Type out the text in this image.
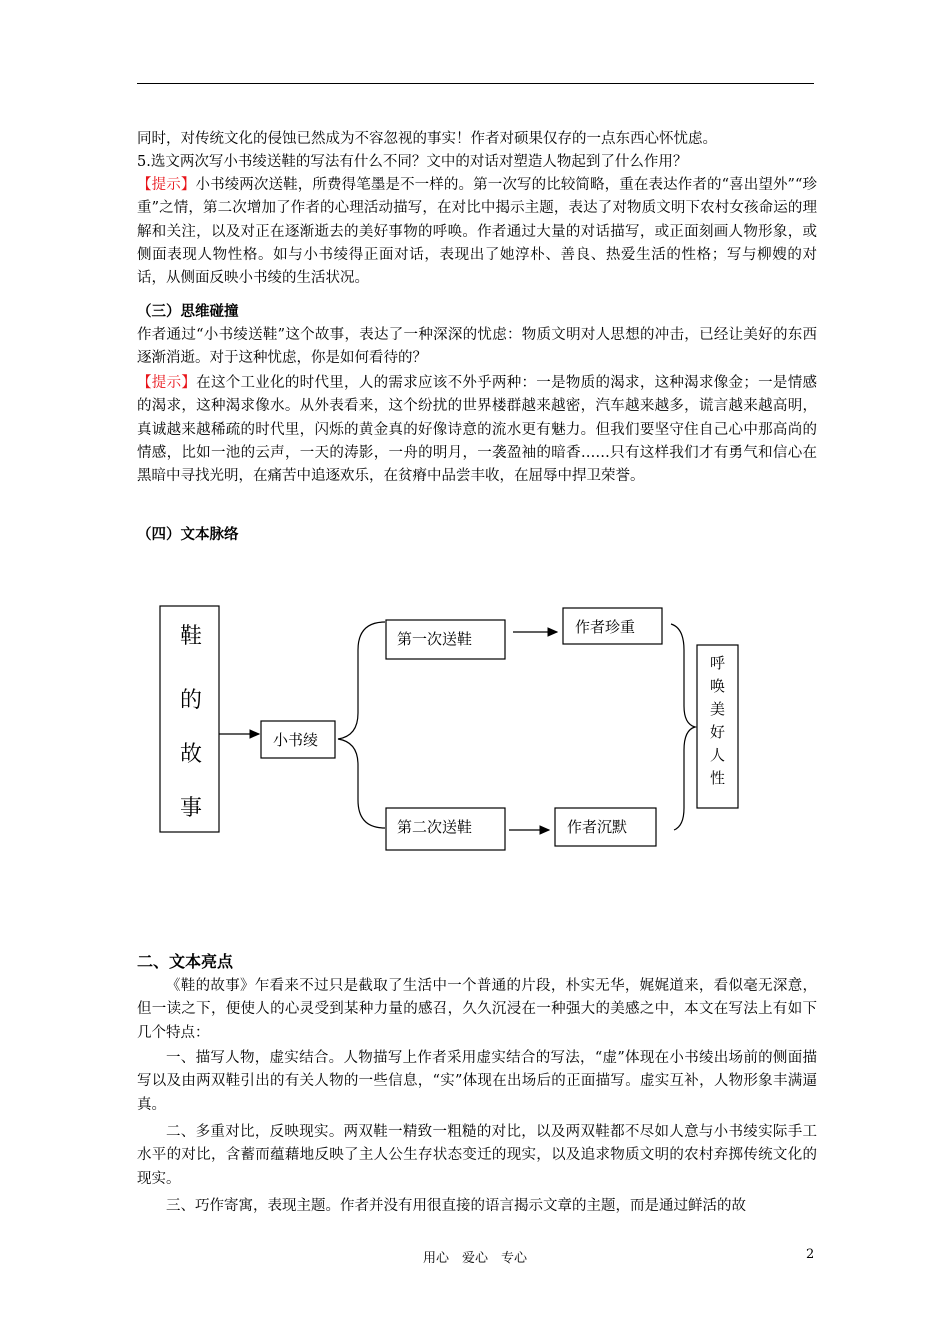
同时，对传统文化的侵蚀已然成为不容忽视的事实！作者对硕果仅存的一点东西心怀忧虑。

5.选文两次写小书绫送鞋的写法有什么不同？文中的对话对塑造人物起到了什么作用？

【提示】小书绫两次送鞋，所费得笔墨是不一样的。第一次写的比较简略，重在表达作者的“喜出望外”“珍重”之情，第二次增加了作者的心理活动描写，在对比中揭示主题，表达了对物质文明下农村女孩命运的理解和关注，以及对正在逐渐逝去的美好事物的呼唤。作者通过大量的对话描写，或正面刻画人物形象，或侧面表现人物性格。如与小书绫得正面对话，表现出了她淳朴、善良、热爱生活的性格；写与柳嫂的对话，从侧面反映小书绫的生活状况。

（三）思维碰撞

作者通过“小书绫送鞋”这个故事，表达了一种深深的忧虑：物质文明对人思想的冲击，已经让美好的东西逐渐消逝。对于这种忧虑，你是如何看待的？

【提示】在这个工业化的时代里，人的需求应该不外乎两种：一是物质的渴求，这种渴求像金；一是情感的渴求，这种渴求像水。从外表看来，这个纷扰的世界楼群越来越密，汽车越来越多，谎言越来越高明，真诚越来越稀疏的时代里，闪烁的黄金真的好像诗意的流水更有魅力。但我们要坚守住自己心中那高尚的情感，比如一池的云声，一天的涛影，一舟的明月，一袭盈袖的暗香……只有这样我们才有勇气和信心在黑暗中寻找光明，在痛苦中追逐欢乐，在贫瘠中品尝丰收，在屈辱中捍卫荣誉。

（四）文本脉络

鞋
的
故
事
小书绫
第一次送鞋
作者珍重
第二次送鞋	作者沉默
呼
唤
美
好
人
性

二、文本亮点

《鞋的故事》乍看来不过只是截取了生活中一个普通的片段，朴实无华，娓娓道来，看似毫无深意，但一读之下，便使人的心灵受到某种力量的感召，久久沉浸在一种强大的美感之中，本文在写法上有如下几个特点：

一、描写人物，虚实结合。人物描写上作者采用虚实结合的写法，“虚”体现在小书绫出场前的侧面描写以及由两双鞋引出的有关人物的一些信息，“实”体现在出场后的正面描写。虚实互补，人物形象丰满逼真。

二、多重对比，反映现实。两双鞋一精致一粗糙的对比，以及两双鞋都不尽如人意与小书绫实际手工水平的对比，含蓄而蕴藉地反映了主人公生存状态变迁的现实，以及追求物质文明的农村弃掷传统文化的现实。

三、巧作寄寓，表现主题。作者并没有用很直接的语言揭示文章的主题，而是通过鲜活的故

用心　爱心　专心	2
